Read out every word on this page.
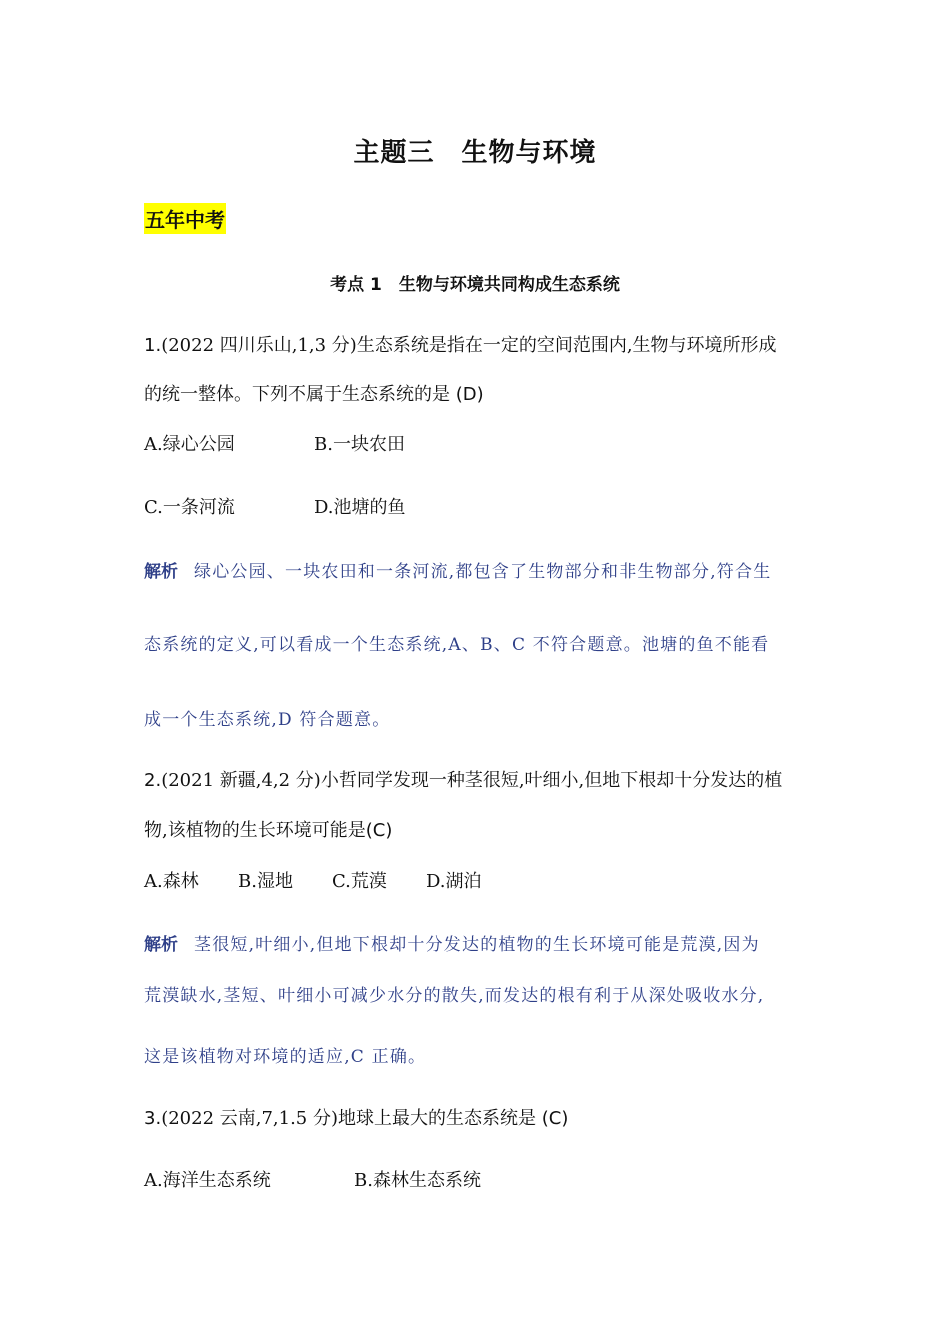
主题三　生物与环境
五年中考
考点 1　生物与环境共同构成生态系统
1.(2022 四川乐山,1,3 分)生态系统是指在一定的空间范围内,生物与环境所形成
的统一整体。下列不属于生态系统的是 (D)
A.绿心公园	B.一块农田
C.一条河流	D.池塘的鱼
解析 绿心公园、一块农田和一条河流,都包含了生物部分和非生物部分,符合生
态系统的定义,可以看成一个生态系统,A、B、C 不符合题意。池塘的鱼不能看
成一个生态系统,D 符合题意。
2.(2021 新疆,4,2 分)小哲同学发现一种茎很短,叶细小,但地下根却十分发达的植
物,该植物的生长环境可能是(C)
A.森林 B.湿地 C.荒漠 D.湖泊
解析 茎很短,叶细小,但地下根却十分发达的植物的生长环境可能是荒漠,因为
荒漠缺水,茎短、叶细小可减少水分的散失,而发达的根有利于从深处吸收水分,
这是该植物对环境的适应,C 正确。
3.(2022 云南,7,1.5 分)地球上最大的生态系统是 (C)
A.海洋生态系统	B.森林生态系统
